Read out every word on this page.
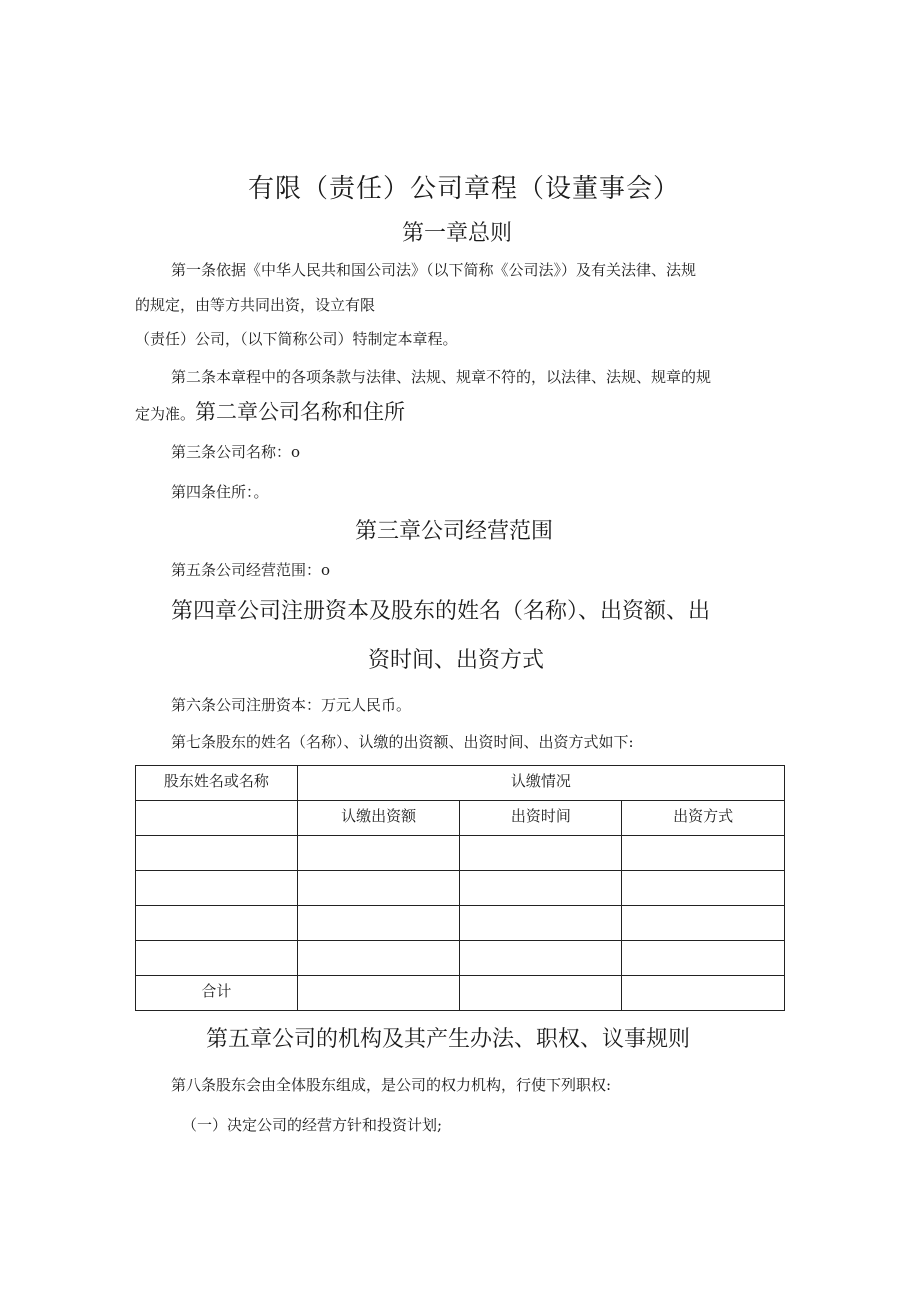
有限（责任）公司章程（设董事会）
第一章总则
第一条依据《中华人民共和国公司法》（以下简称《公司法》）及有关法律、法规
的规定，由等方共同出资，设立有限
（责任）公司，（以下简称公司）特制定本章程。
第二条本章程中的各项条款与法律、法规、规章不符的，以法律、法规、规章的规
定为准。第二章公司名称和住所
第三条公司名称：o
第四条住所：。
第三章公司经营范围
第五条公司经营范围：o
第四章公司注册资本及股东的姓名（名称）、出资额、出
资时间、出资方式
第六条公司注册资本：万元人民币。
第七条股东的姓名（名称）、认缴的出资额、出资时间、出资方式如下:
股东姓名或名称	认缴情况		
	认缴出资额	出资时间	出资方式

合计			
第五章公司的机构及其产生办法、职权、议事规则
第八条股东会由全体股东组成，是公司的权力机构，行使下列职权:
（一）决定公司的经营方针和投资计划;
